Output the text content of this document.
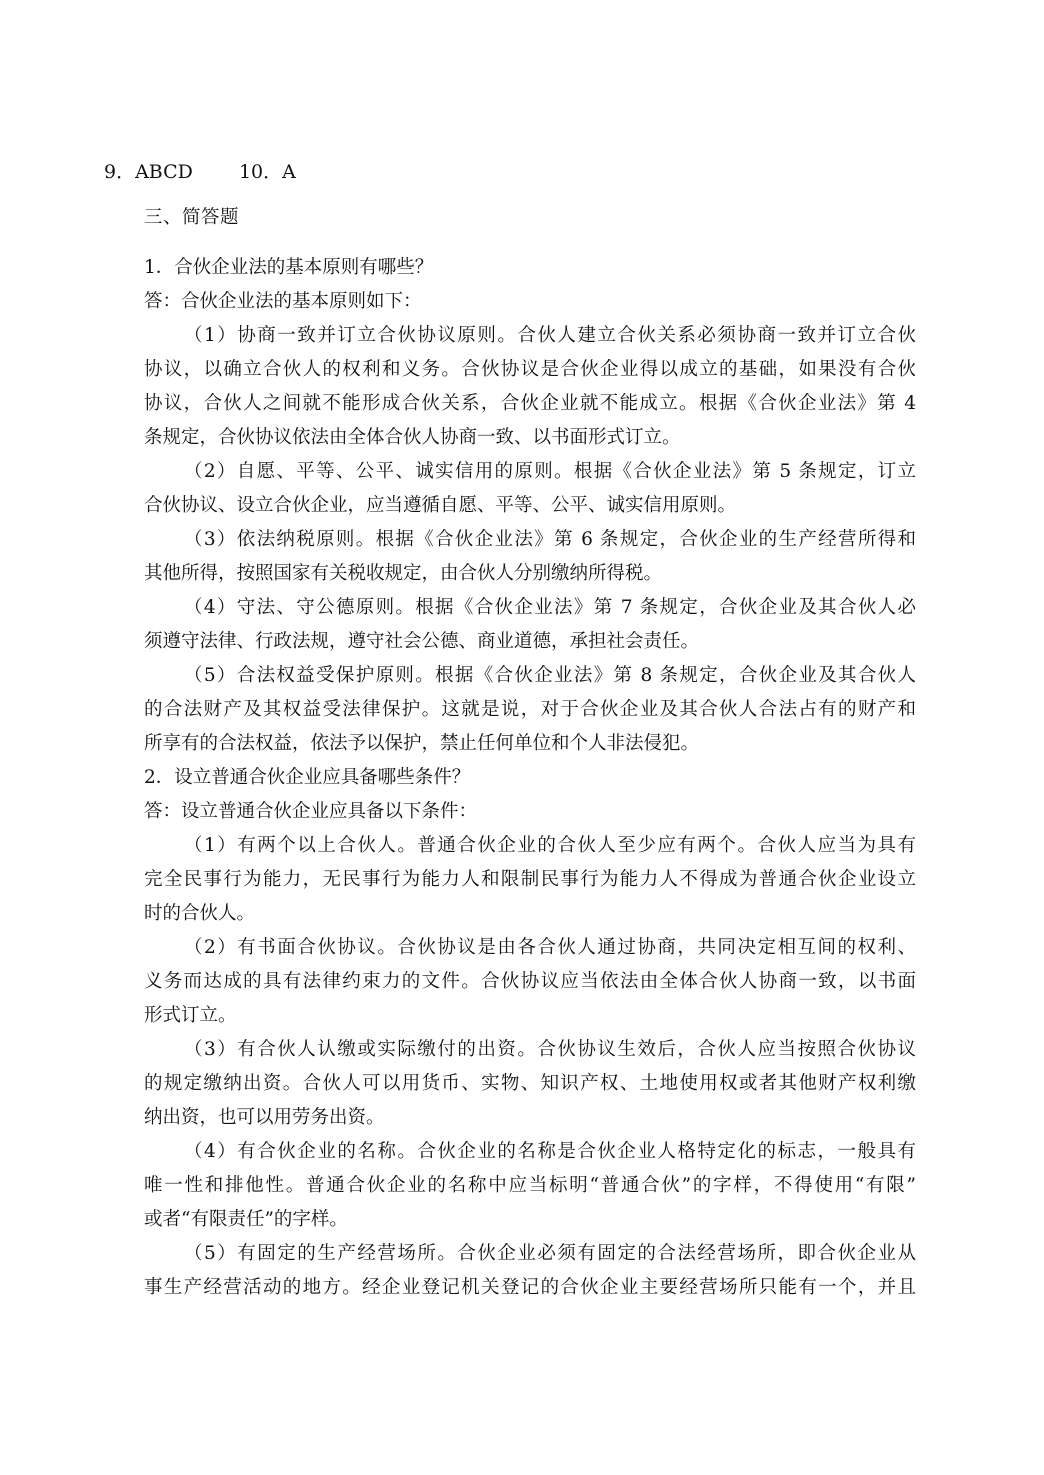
9．ABCD 10．A
三、简答题
1．合伙企业法的基本原则有哪些？
答：合伙企业法的基本原则如下：
（1）协商一致并订立合伙协议原则。合伙人建立合伙关系必须协商一致并订立合伙
协议，以确立合伙人的权利和义务。合伙协议是合伙企业得以成立的基础，如果没有合伙
协议，合伙人之间就不能形成合伙关系，合伙企业就不能成立。根据《合伙企业法》第 4
条规定，合伙协议依法由全体合伙人协商一致、以书面形式订立。
（2）自愿、平等、公平、诚实信用的原则。根据《合伙企业法》第 5 条规定，订立
合伙协议、设立合伙企业，应当遵循自愿、平等、公平、诚实信用原则。
（3）依法纳税原则。根据《合伙企业法》第 6 条规定，合伙企业的生产经营所得和
其他所得，按照国家有关税收规定，由合伙人分别缴纳所得税。
（4）守法、守公德原则。根据《合伙企业法》第 7 条规定，合伙企业及其合伙人必
须遵守法律、行政法规，遵守社会公德、商业道德，承担社会责任。
（5）合法权益受保护原则。根据《合伙企业法》第 8 条规定，合伙企业及其合伙人
的合法财产及其权益受法律保护。这就是说，对于合伙企业及其合伙人合法占有的财产和
所享有的合法权益，依法予以保护，禁止任何单位和个人非法侵犯。
2．设立普通合伙企业应具备哪些条件？
答：设立普通合伙企业应具备以下条件：
（1）有两个以上合伙人。普通合伙企业的合伙人至少应有两个。合伙人应当为具有
完全民事行为能力，无民事行为能力人和限制民事行为能力人不得成为普通合伙企业设立
时的合伙人。
（2）有书面合伙协议。合伙协议是由各合伙人通过协商，共同决定相互间的权利、
义务而达成的具有法律约束力的文件。合伙协议应当依法由全体合伙人协商一致，以书面
形式订立。
（3）有合伙人认缴或实际缴付的出资。合伙协议生效后，合伙人应当按照合伙协议
的规定缴纳出资。合伙人可以用货币、实物、知识产权、土地使用权或者其他财产权利缴
纳出资，也可以用劳务出资。
（4）有合伙企业的名称。合伙企业的名称是合伙企业人格特定化的标志，一般具有
唯一性和排他性。普通合伙企业的名称中应当标明“普通合伙”的字样，不得使用“有限”
或者“有限责任”的字样。
（5）有固定的生产经营场所。合伙企业必须有固定的合法经营场所，即合伙企业从
事生产经营活动的地方。经企业登记机关登记的合伙企业主要经营场所只能有一个，并且
